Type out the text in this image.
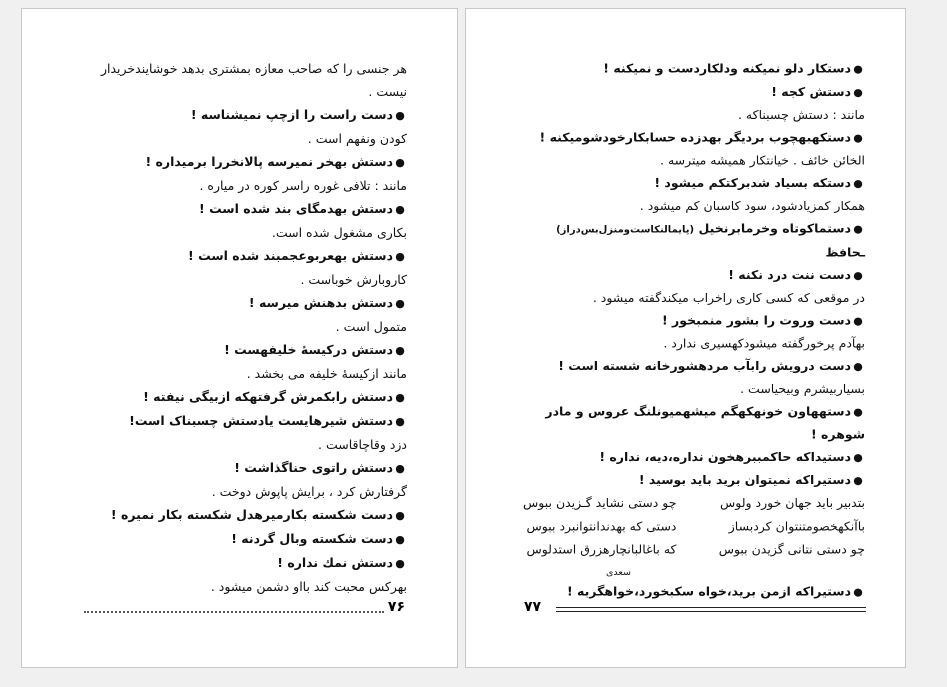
هر جنسی را که صاحب معازه بمشتری بدهد خوشایندخریدار
نیست .
●دست راست را ازچپ نمیشناسه !
کودن ونفهم است .
●دستش بهخر نمیرسه پالانخررا برمیداره !
مانند : تلافی غوره راسر کوره در میاره .
●دستش بهدمگای بند شده است !
بکاری مشغول شده است.
●دستش بهعربوعجمبند شده است !
کاروبارش خوباست .
●دستش بدهنش میرسه !
متمول است .
●دستش درکیسهٔ خلیفهست !
مانند ازکیسهٔ خلیفه می بخشد .
●دستش رابکمرش گرفتهکه ازبیگی نیفته !
●دستش شیرهایست یادستش چسبناک است!
دزد وقاچاقاست .
●دستش راتوی حناگذاشت !
گرفتارش کرد ، برایش پاپوش دوخت .
●دست شکسته بکارمیرهدل شکسته بکار نمیره !
●دست شکسته وبال گردنه !
●دستش نمك نداره !
بهرکس محبت کند بااو دشمن میشود .
۷۶
●دستکار دلو نمیکنه ودلکاردست و نمیکنه !
●دستش کجه !
مانند : دستش چسبناکه .
●دستکهبهچوب بردیگر بهدزده حسابکارخودشومیکنه !
الخائن خائف . خیانتکار همیشه میترسه .
●دستکه بسیاد شدبرکتکم میشود !
همکار کمزیادشود، سود کاسبان کم میشود .
●دستماکوتاه وخرمابرنخیل (پایمالنکاست‌ومنزل‌بس‌دراز)
ـحافظ
●دست ننت درد نکنه !
در موقعی که کسی کاری راخراب میکندگفته میشود .
●دست وروت را بشور منمبخور !
بهآدم پرخورگفته میشودکهسیری ندارد .
●دست درویش رابآب مردهشورخانه شسته است !
بسیاربیشرم وبیحیاست .
●دستههاون خونهکهگم میشهمیونلنگ عروس و مادر
شوهره !
●دستیداکه حاکمببرهخون نداره،دیه، نداره !
●دستیراکه نمیتوان برید باید بوسید !
بتدبیر باید جهان خورد ولوس
چو دستی نشاید گـزیدن ببوس
باآنکهخصومتنتوان کردبساز
دستی که بهدندانتوانبرد ببوس
چو دستی نتانی گزیدن ببوس
که باغالبانچارهزرق استدلوس
سعدی
●دستیراکه ازمن برید،خواه سكبخورد،خواهگربه !
۷۷
